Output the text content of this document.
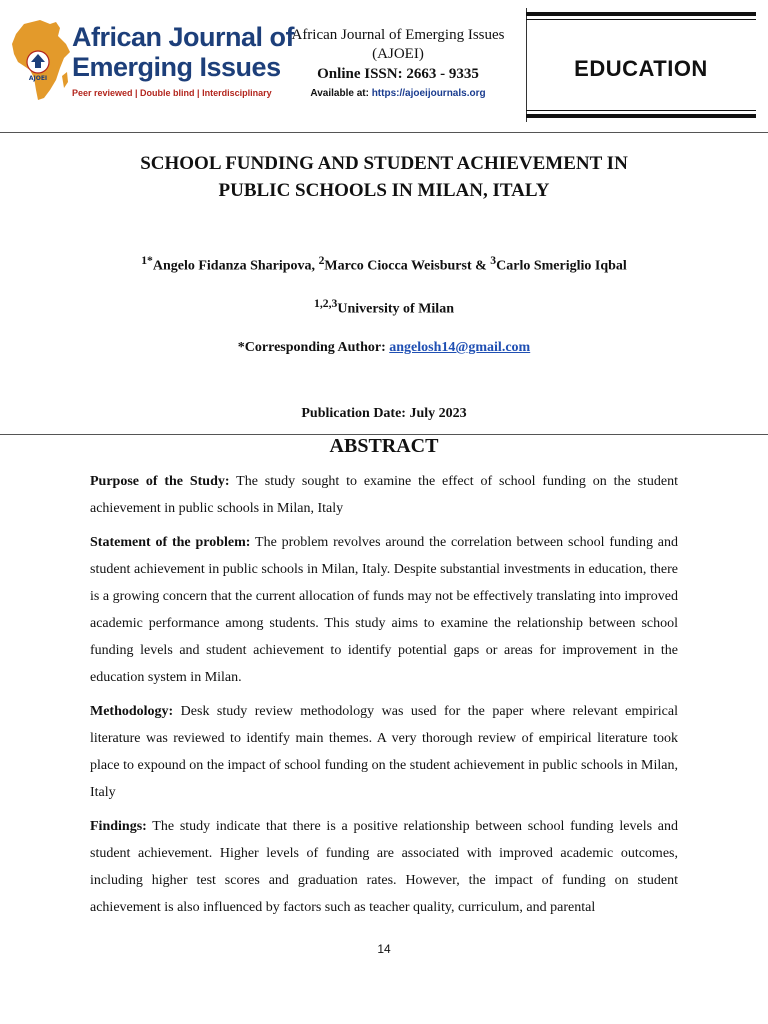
AJOEI
African Journal of
Emerging Issues
Peer reviewed | Double blind | Interdisciplinary
African Journal of Emerging Issues
(AJOEI)
Online ISSN: 2663 - 9335
Available at: https://ajoeijournals.org
EDUCATION
SCHOOL FUNDING AND STUDENT ACHIEVEMENT IN
PUBLIC SCHOOLS IN MILAN, ITALY
$^{1*}$Angelo Fidanza Sharipova, $^2$Marco Ciocca Weisburst & $^3$Carlo Smeriglio Iqbal
$^{1,2,3}$University of Milan
*Corresponding Author: angelosh14@gmail.com
Publication Date: July 2023
ABSTRACT

Purpose of the Study: The study sought to examine the effect of school funding on the student achievement in public schools in Milan, Italy

Statement of the problem: The problem revolves around the correlation between school funding and student achievement in public schools in Milan, Italy. Despite substantial investments in education, there is a growing concern that the current allocation of funds may not be effectively translating into improved academic performance among students. This study aims to examine the relationship between school funding levels and student achievement to identify potential gaps or areas for improvement in the education system in Milan.

Methodology: Desk study review methodology was used for the paper where relevant empirical literature was reviewed to identify main themes. A very thorough review of empirical literature took place to expound on the impact of school funding on the student achievement in public schools in Milan, Italy

Findings: The study indicate that there is a positive relationship between school funding levels and student achievement. Higher levels of funding are associated with improved academic outcomes, including higher test scores and graduation rates. However, the impact of funding on student achievement is also influenced by factors such as teacher quality, curriculum, and parental

14
